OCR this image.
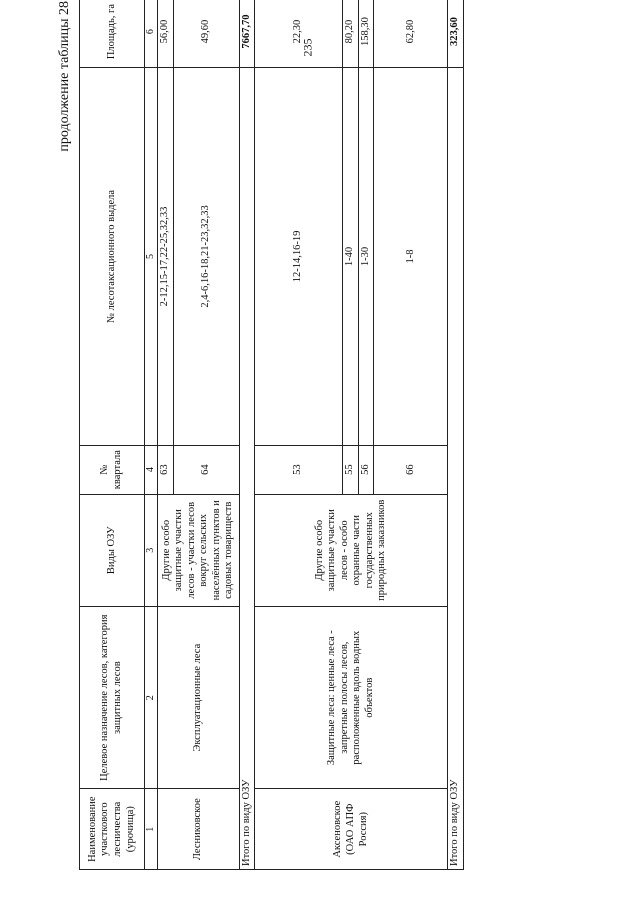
235
продолжение таблицы 28
Наименование участкового лесничества (урочища)	Целевое назначение лесов, категория защитных лесов	Виды ОЗУ	№ квартала	№ лесотаксационного выдела	Площадь, га
1	2	3	4	5	6
Лесниковское	Эксплуатационные леса	Другие особо защитные участки лесов - участки лесов вокруг сельских населённых пунктов и садовых товариществ	63	2-12,15-17,22-25,32,33	56,00
			64	2,4-6,16-18,21-23,32,33	49,60
Итого по виду ОЗУ					7667,70
Аксеновское (ОАО АПФ Россия)	Защитные леса: ценные леса - запретные полосы лесов, расположенные вдоль водных объектов	Другие особо защитные участки лесов - особо охранные части государственных природных заказников	53	12-14,16-19	22,30
			55	1-40	80,20
			56	1-30	158,30
			66	1-8	62,80
Итого по виду ОЗУ					323,60
